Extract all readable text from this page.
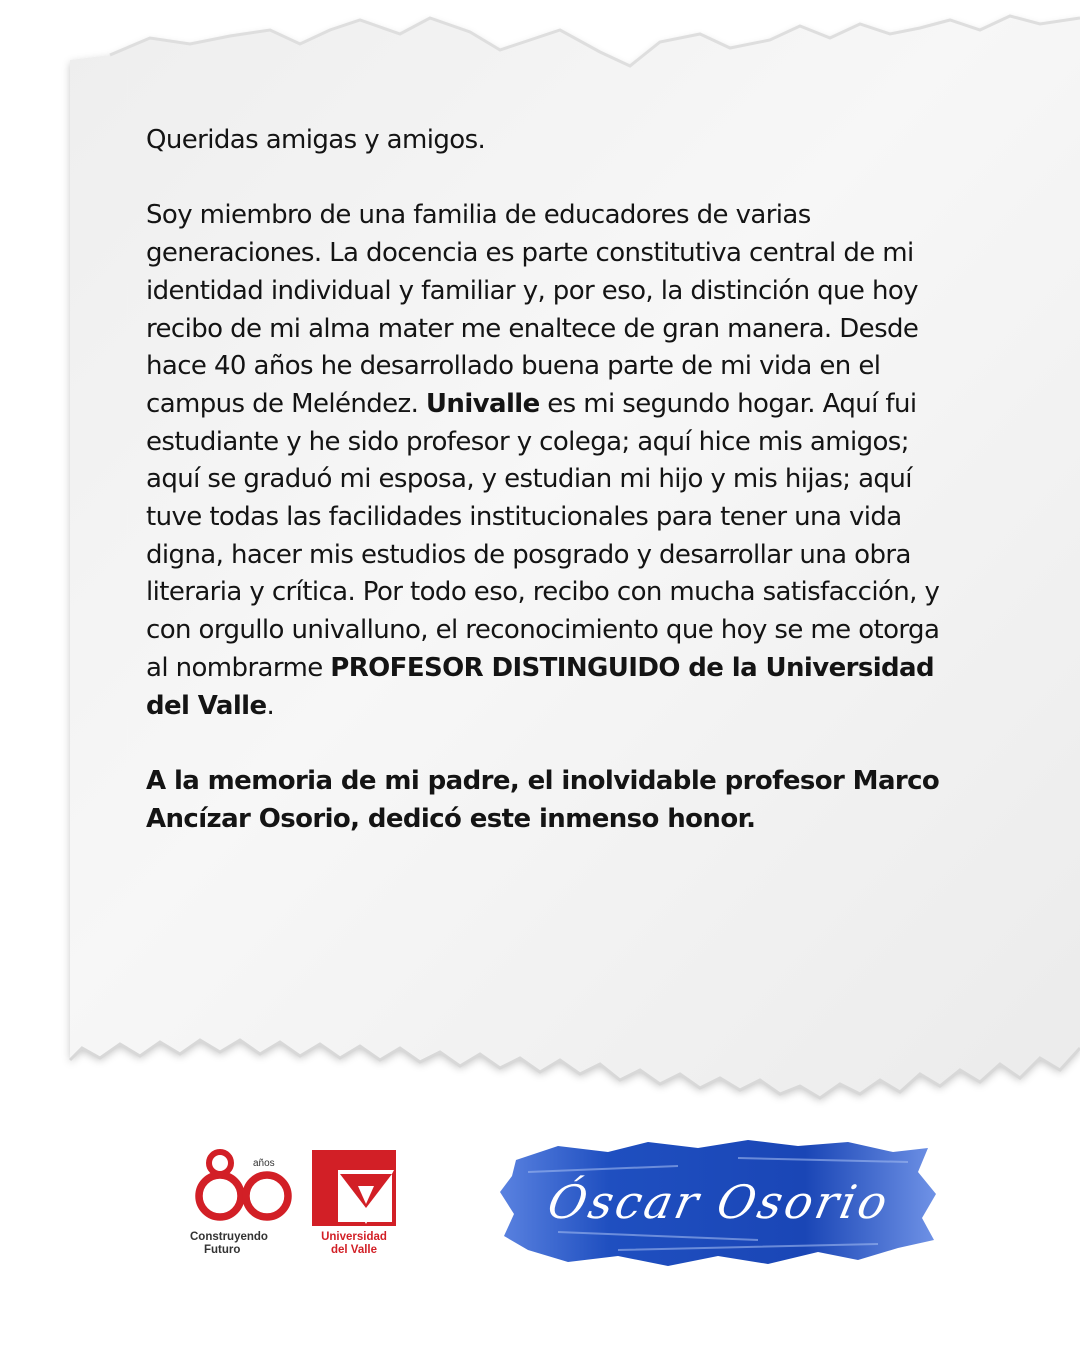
Queridas amigas y amigos.

Soy miembro de una familia de educadores de varias generaciones. La docencia es parte constitutiva central de mi identidad individual y familiar y, por eso, la distinción que hoy recibo de mi alma mater me enaltece de gran manera. Desde hace 40 años he desarrollado buena parte de mi vida en el campus de Meléndez. Univalle es mi segundo hogar. Aquí fui estudiante y he sido profesor y colega; aquí hice mis amigos; aquí se graduó mi esposa, y estudian mi hijo y mis hijas; aquí tuve todas las facilidades institucionales para tener una vida digna, hacer mis estudios de posgrado y desarrollar una obra literaria y crítica. Por todo eso, recibo con mucha satisfacción, y con orgullo univalluno, el reconocimiento que hoy se me otorga al nombrarme PROFESOR DISTINGUIDO de la Universidad del Valle.

A la memoria de mi padre, el inolvidable profesor Marco Ancízar Osorio, dedicó este inmenso honor.

años
Construyendo
Futuro
Universidad
del Valle
Óscar Osorio
